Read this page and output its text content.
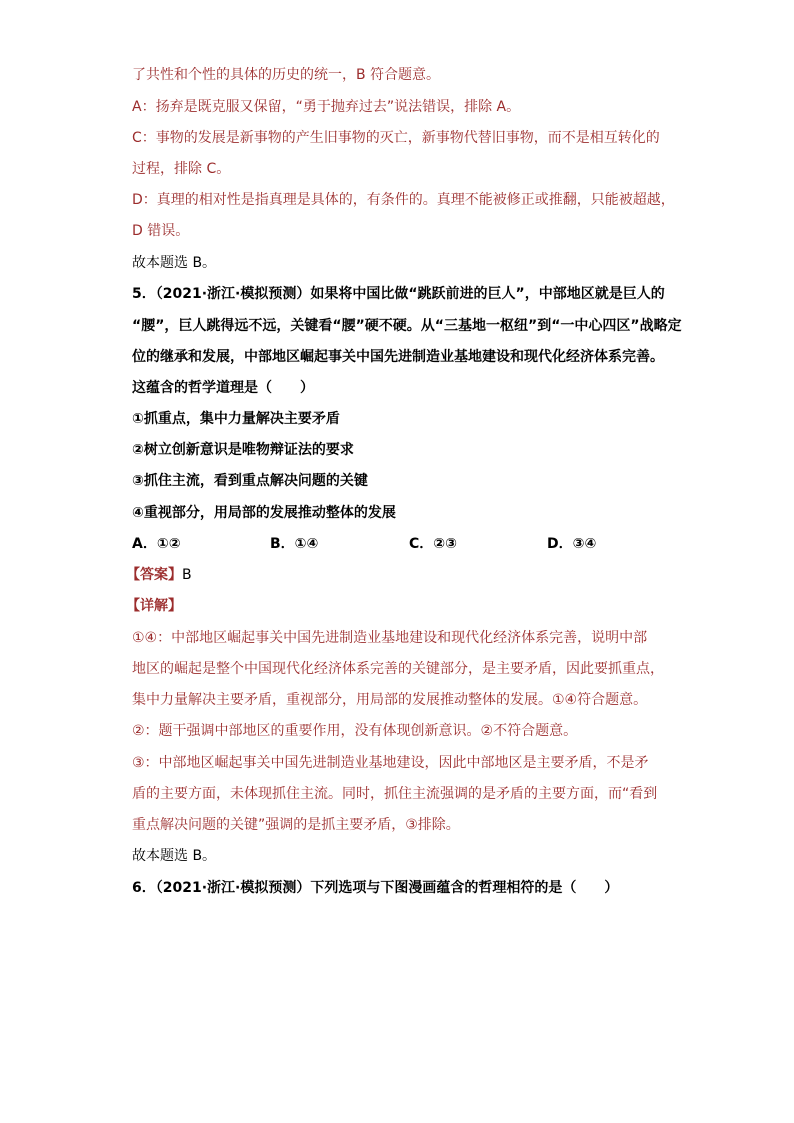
了共性和个性的具体的历史的统一，B 符合题意。
A：扬弃是既克服又保留，“勇于抛弃过去”说法错误，排除 A。
C：事物的发展是新事物的产生旧事物的灭亡，新事物代替旧事物，而不是相互转化的
过程，排除 C。
D：真理的相对性是指真理是具体的，有条件的。真理不能被修正或推翻，只能被超越，
D 错误。
故本题选 B。
5．（2021·浙江·模拟预测）如果将中国比做“跳跃前进的巨人”，中部地区就是巨人的
“腰”，巨人跳得远不远，关键看“腰”硬不硬。从“三基地一枢纽”到“一中心四区”战略定
位的继承和发展，中部地区崛起事关中国先进制造业基地建设和现代化经济体系完善。
这蕴含的哲学道理是（　　）
①抓重点，集中力量解决主要矛盾
②树立创新意识是唯物辩证法的要求
③抓住主流，看到重点解决问题的关键
④重视部分，用局部的发展推动整体的发展
A．①②	B．①④	C．②③	D．③④
【答案】B
【详解】
①④：中部地区崛起事关中国先进制造业基地建设和现代化经济体系完善，说明中部
地区的崛起是整个中国现代化经济体系完善的关键部分，是主要矛盾，因此要抓重点，
集中力量解决主要矛盾，重视部分，用局部的发展推动整体的发展。①④符合题意。
②：题干强调中部地区的重要作用，没有体现创新意识。②不符合题意。
③：中部地区崛起事关中国先进制造业基地建设，因此中部地区是主要矛盾，不是矛
盾的主要方面，未体现抓住主流。同时，抓住主流强调的是矛盾的主要方面，而“看到
重点解决问题的关键”强调的是抓主要矛盾，③排除。
故本题选 B。
6．（2021·浙江·模拟预测）下列选项与下图漫画蕴含的哲理相符的是（　　）
